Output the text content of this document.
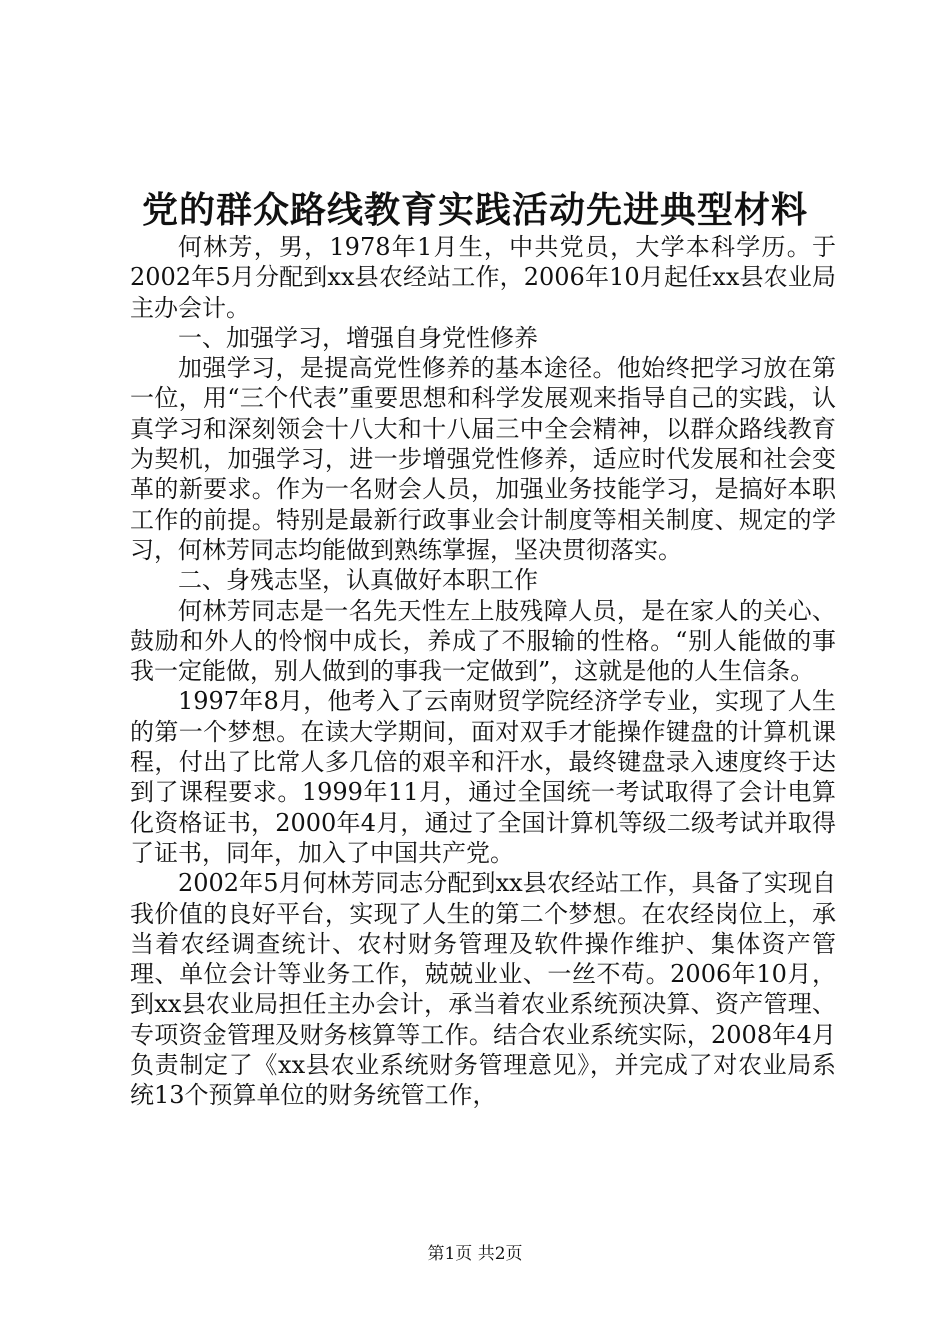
党的群众路线教育实践活动先进典型材料

何林芳，男，1978年1月生，中共党员，大学本科学历。于2002年5月分配到xx县农经站工作，2006年10月起任xx县农业局主办会计。

一、加强学习，增强自身党性修养

加强学习，是提高党性修养的基本途径。他始终把学习放在第一位，用“三个代表”重要思想和科学发展观来指导自己的实践，认真学习和深刻领会十八大和十八届三中全会精神，以群众路线教育为契机，加强学习，进一步增强党性修养，适应时代发展和社会变革的新要求。作为一名财会人员，加强业务技能学习，是搞好本职工作的前提。特别是最新行政事业会计制度等相关制度、规定的学习，何林芳同志均能做到熟练掌握，坚决贯彻落实。

二、身残志坚，认真做好本职工作

何林芳同志是一名先天性左上肢残障人员，是在家人的关心、鼓励和外人的怜悯中成长，养成了不服输的性格。“别人能做的事我一定能做，别人做到的事我一定做到”，这就是他的人生信条。

1997年8月，他考入了云南财贸学院经济学专业，实现了人生的第一个梦想。在读大学期间，面对双手才能操作键盘的计算机课程，付出了比常人多几倍的艰辛和汗水，最终键盘录入速度终于达到了课程要求。1999年11月，通过全国统一考试取得了会计电算化资格证书，2000年4月，通过了全国计算机等级二级考试并取得了证书，同年，加入了中国共产党。

2002年5月何林芳同志分配到xx县农经站工作，具备了实现自我价值的良好平台，实现了人生的第二个梦想。在农经岗位上，承当着农经调查统计、农村财务管理及软件操作维护、集体资产管理、单位会计等业务工作，兢兢业业、一丝不苟。2006年10月，到xx县农业局担任主办会计，承当着农业系统预决算、资产管理、专项资金管理及财务核算等工作。结合农业系统实际，2008年4月负责制定了《xx县农业系统财务管理意见》，并完成了对农业局系统13个预算单位的财务统管工作，

第1页 共2页
